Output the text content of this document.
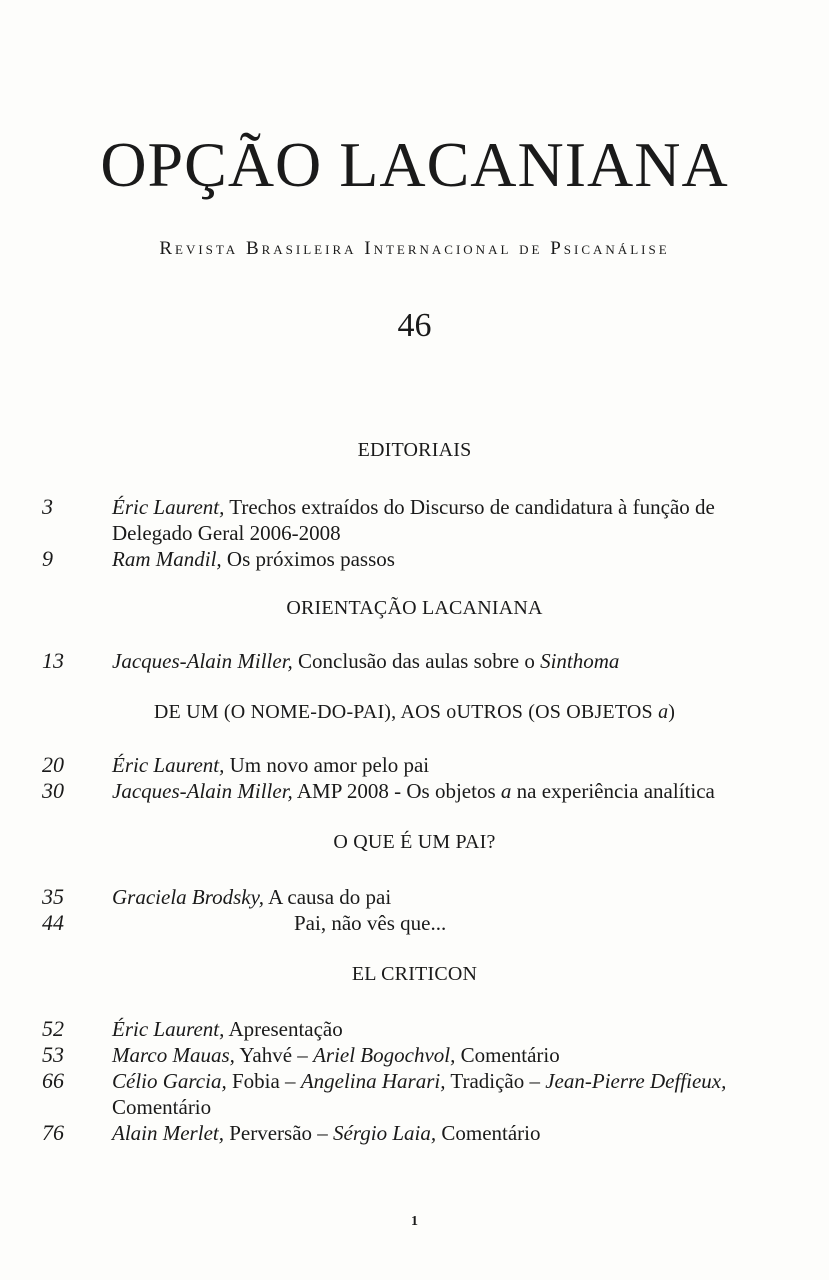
OPÇÃO LACANIANA
Revista Brasileira Internacional de Psicanálise
46
EDITORIAIS
3	Éric Laurent, Trechos extraídos do Discurso de candidatura à função de Delegado Geral 2006-2008
9	Ram Mandil, Os próximos passos
ORIENTAÇÃO LACANIANA
13	Jacques-Alain Miller, Conclusão das aulas sobre o Sinthoma
DE UM (O NOME-DO-PAI), AOS oUTROS (OS OBJETOS a)
20	Éric Laurent, Um novo amor pelo pai
30	Jacques-Alain Miller, AMP 2008 - Os objetos a na experiência analítica
O QUE É UM PAI?
35	Graciela Brodsky, A causa do pai
44	Pai, não vês que...
EL CRITICON
52	Éric Laurent, Apresentação
53	Marco Mauas, Yahvé – Ariel Bogochvol, Comentário
66	Célio Garcia, Fobia – Angelina Harari, Tradição – Jean-Pierre Deffieux, Comentário
76	Alain Merlet, Perversão – Sérgio Laia, Comentário
1
